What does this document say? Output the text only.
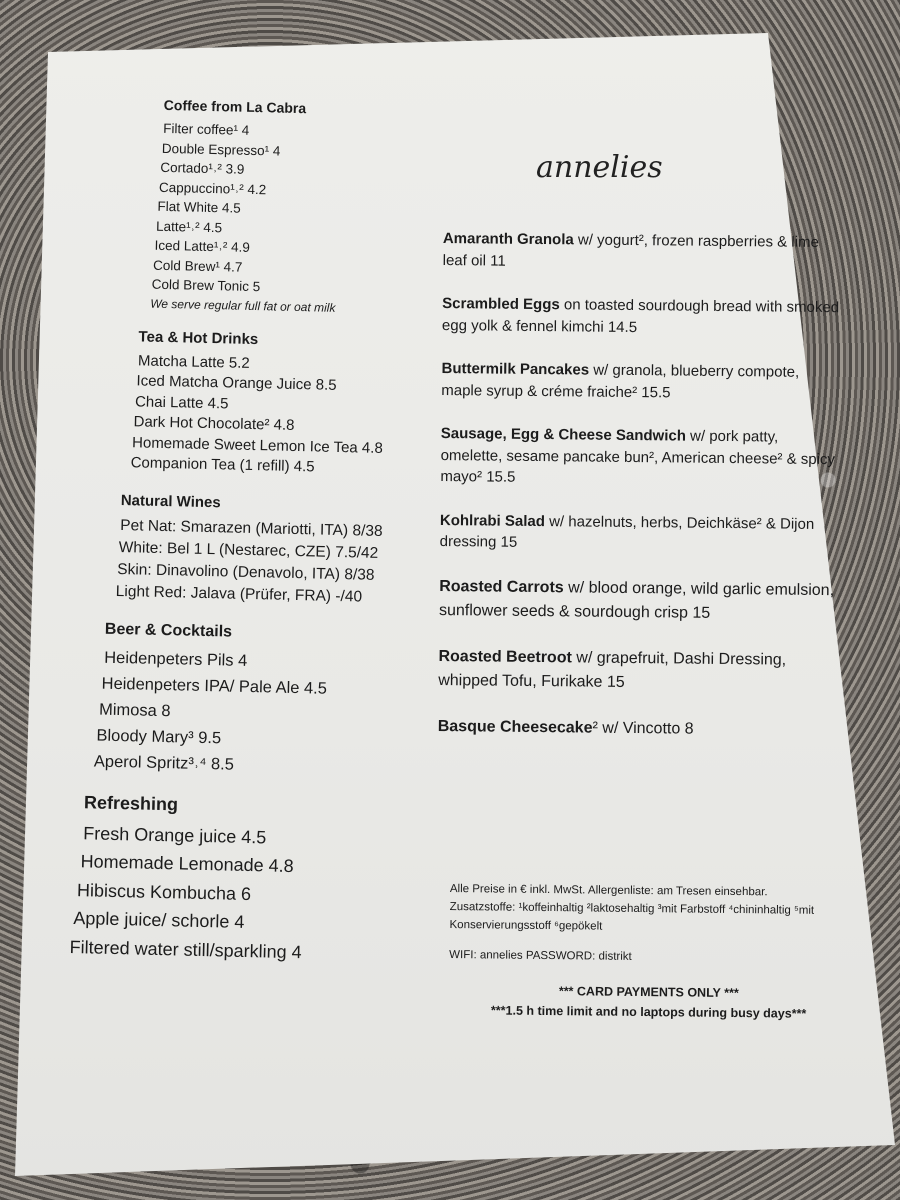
annelies
Coffee from La Cabra
Filter coffee¹ 4
Double Espresso¹ 4
Cortado¹˒² 3.9
Cappuccino¹˒² 4.2
Flat White 4.5
Latte¹˒² 4.5
Iced Latte¹˒² 4.9
Cold Brew¹ 4.7
Cold Brew Tonic 5
We serve regular full fat or oat milk
Tea & Hot Drinks
Matcha Latte 5.2
Iced Matcha Orange Juice 8.5
Chai Latte 4.5
Dark Hot Chocolate² 4.8
Homemade Sweet Lemon Ice Tea 4.8
Companion Tea (1 refill) 4.5
Natural Wines
Pet Nat: Smarazen (Mariotti, ITA) 8/38
White: Bel 1 L (Nestarec, CZE) 7.5/42
Skin: Dinavolino (Denavolo, ITA) 8/38
Light Red: Jalava (Prüfer, FRA) -/40
Beer & Cocktails
Heidenpeters Pils 4
Heidenpeters IPA/ Pale Ale 4.5
Mimosa 8
Bloody Mary³ 9.5
Aperol Spritz³˒⁴ 8.5
Refreshing
Fresh Orange juice 4.5
Homemade Lemonade 4.8
Hibiscus Kombucha 6
Apple juice/ schorle 4
Filtered water still/sparkling 4
Amaranth Granola w/ yogurt², frozen raspberries & lime leaf oil 11
Scrambled Eggs on toasted sourdough bread with smoked egg yolk & fennel kimchi 14.5
Buttermilk Pancakes w/ granola, blueberry compote, maple syrup & créme fraiche² 15.5
Sausage, Egg & Cheese Sandwich w/ pork patty, omelette, sesame pancake bun², American cheese² & spicy mayo² 15.5
Kohlrabi Salad w/ hazelnuts, herbs, Deichkäse² & Dijon dressing 15
Roasted Carrots w/ blood orange, wild garlic emulsion, sunflower seeds & sourdough crisp 15
Roasted Beetroot w/ grapefruit, Dashi Dressing, whipped Tofu, Furikake 15
Basque Cheesecake² w/ Vincotto 8
Alle Preise in € inkl. MwSt. Allergenliste: am Tresen einsehbar.
Zusatzstoffe: ¹koffeinhaltig ²laktosehaltig ³mit Farbstoff ⁴chininhaltig ⁵mit Konservierungsstoff ⁶gepökelt
WIFI: annelies PASSWORD: distrikt
*** CARD PAYMENTS ONLY ***
***1.5 h time limit and no laptops during busy days***
